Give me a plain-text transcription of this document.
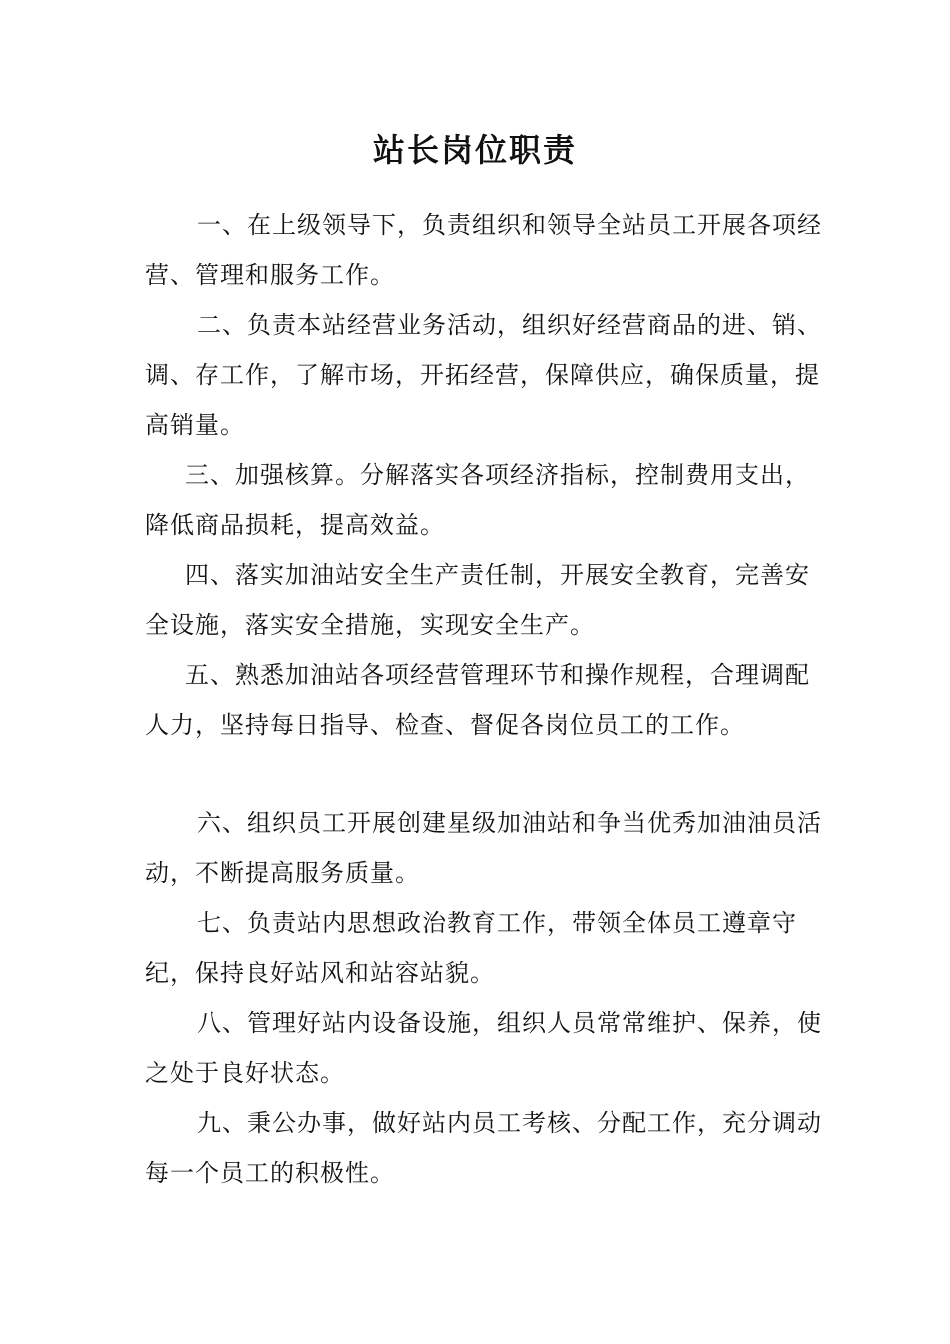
站长岗位职责

一、在上级领导下，负责组织和领导全站员工开展各项经营、管理和服务工作。

二、负责本站经营业务活动，组织好经营商品的进、销、调、存工作，了解市场，开拓经营，保障供应，确保质量，提高销量。

三、加强核算。分解落实各项经济指标，控制费用支出，降低商品损耗，提高效益。

四、落实加油站安全生产责任制，开展安全教育，完善安全设施，落实安全措施，实现安全生产。

五、熟悉加油站各项经营管理环节和操作规程，合理调配人力，坚持每日指导、检查、督促各岗位员工的工作。

六、组织员工开展创建星级加油站和争当优秀加油油员活动，不断提高服务质量。

七、负责站内思想政治教育工作，带领全体员工遵章守纪，保持良好站风和站容站貌。

八、管理好站内设备设施，组织人员常常维护、保养，使之处于良好状态。

九、秉公办事，做好站内员工考核、分配工作，充分调动每一个员工的积极性。
